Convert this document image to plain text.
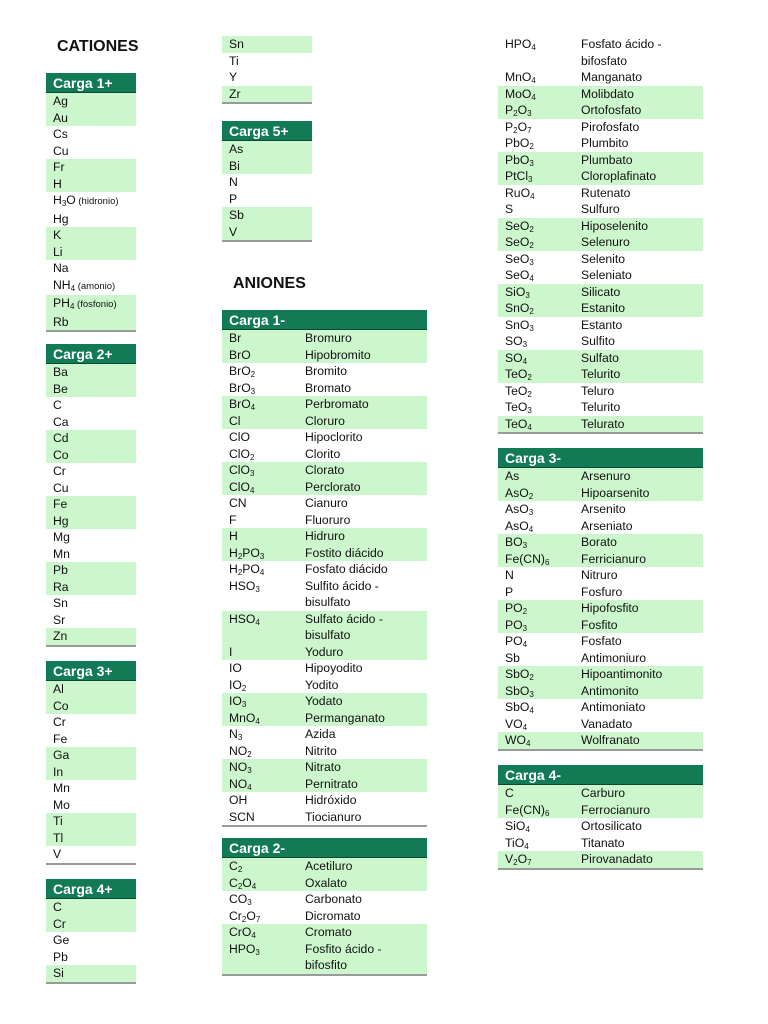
CATIONES
ANIONES
Carga 1+
Ag
Au
Cs
Cu
Fr
H
$H_3O$ (hidronio)
Hg
K
Li
Na
$NH_4$ (amonio)
$PH_4$ (fosfonio)
Rb
Carga 2+
Ba
Be
C
Ca
Cd
Co
Cr
Cu
Fe
Hg
Mg
Mn
Pb
Ra
Sn
Sr
Zn
Carga 3+
Al
Co
Cr
Fe
Ga
In
Mn
Mo
Ti
Tl
V
Carga 4+
C
Cr
Ge
Pb
Si
Sn
Ti
Y
Zr
Carga 5+
As
Bi
N
P
Sb
V
Carga 1-
Br	Bromuro
BrO	Hipobromito
BrO$_2$	Bromito
BrO$_3$	Bromato
BrO$_4$	Perbromato
Cl	Cloruro
ClO	Hipoclorito
ClO$_2$	Clorito
ClO$_3$	Clorato
ClO$_4$	Perclorato
CN	Cianuro
F	Fluoruro
H	Hidruro
$H_2PO_3$	Fostito diácido
$H_2PO_4$	Fosfato diácido
$HSO_3$	Sulfito ácido -
bisulfato
$HSO_4$	Sulfato ácido -
bisulfato
I	Yoduro
IO	Hipoyodito
$IO_2$	Yodito
$IO_3$	Yodato
MnO$_4$	Permanganato
$N_3$	Azida
$NO_2$	Nitrito
$NO_3$	Nitrato
$NO_4$	Pernitrato
OH	Hidróxido
SCN	Tiocianuro
Carga 2-
$C_2$	Acetiluro
$C_2O_4$	Oxalato
$CO_3$	Carbonato
$Cr_2O_7$	Dicromato
CrO$_4$	Cromato
$HPO_3$	Fosfito ácido -
bifosfito
$HPO_4$	Fosfato ácido -
bifosfato
MnO$_4$	Manganato
MoO$_4$	Molibdato
$P_2O_3$	Ortofosfato
$P_2O_7$	Pirofosfato
PbO$_2$	Plumbito
PbO$_3$	Plumbato
PtCl$_3$	Cloroplafinato
RuO$_4$	Rutenato
S	Sulfuro
SeO$_2$	Hiposelenito
SeO$_2$	Selenuro
SeO$_3$	Selenito
SeO$_4$	Seleniato
SiO$_3$	Silicato
SnO$_2$	Estanito
SnO$_3$	Estanto
$SO_3$	Sulfito
$SO_4$	Sulfato
TeO$_2$	Telurito
TeO$_2$	Teluro
TeO$_3$	Telurito
TeO$_4$	Telurato
Carga 3-
As	Arsenuro
AsO$_2$	Hipoarsenito
AsO$_3$	Arsenito
AsO$_4$	Arseniato
$BO_3$	Borato
$Fe(CN)_6$	Ferricianuro
N	Nitruro
P	Fosfuro
$PO_2$	Hipofosfito
$PO_3$	Fosfito
$PO_4$	Fosfato
Sb	Antimoniuro
SbO$_2$	Hipoantimonito
SbO$_3$	Antimonito
SbO$_4$	Antimoniato
$VO_4$	Vanadato
$WO_4$	Wolfranato
Carga 4-
C	Carburo
$Fe(CN)_6$	Ferrocianuro
SiO$_4$	Ortosilicato
TiO$_4$	Titanato
$V_2O_7$	Pirovanadato
